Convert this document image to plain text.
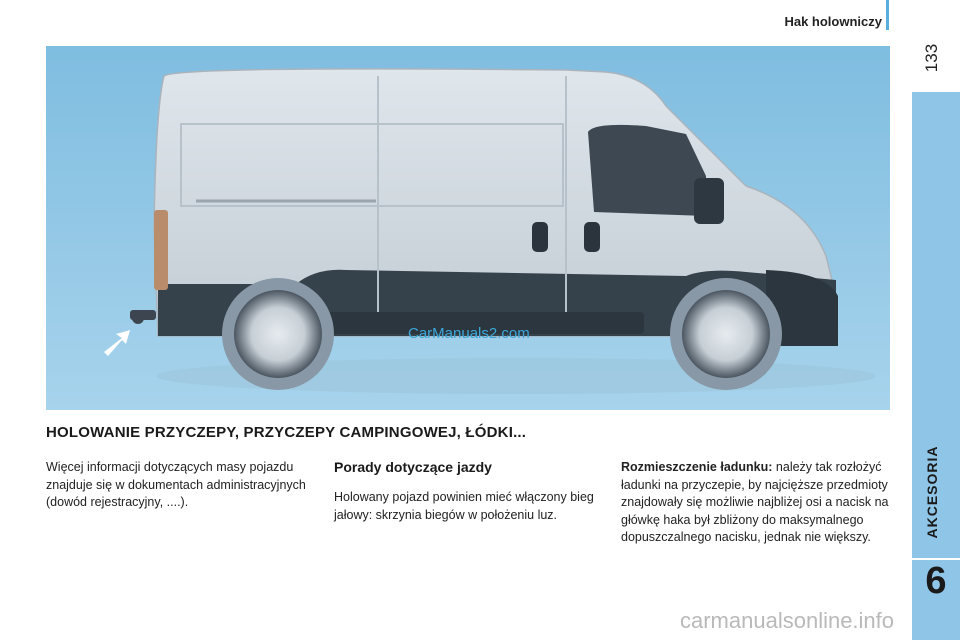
Hak holowniczy
133
AKCESORIA
6
CarManuals2.com
HOLOWANIE PRZYCZEPY, PRZYCZEPY CAMPINGOWEJ, ŁÓDKI...
Więcej informacji dotyczących masy pojazdu znajduje się w dokumentach administracyjnych (dowód rejestracyjny, ....).
Porady dotyczące jazdy
Holowany pojazd powinien mieć włączony bieg jałowy: skrzynia biegów w położeniu luz.
Rozmieszczenie ładunku: należy tak rozłożyć ładunki na przyczepie, by najcięższe przedmioty znajdowały się możliwie najbliżej osi a nacisk na główkę haka był zbliżony do maksymalnego dopuszczalnego nacisku, jednak nie większy.
carmanualsonline.info
